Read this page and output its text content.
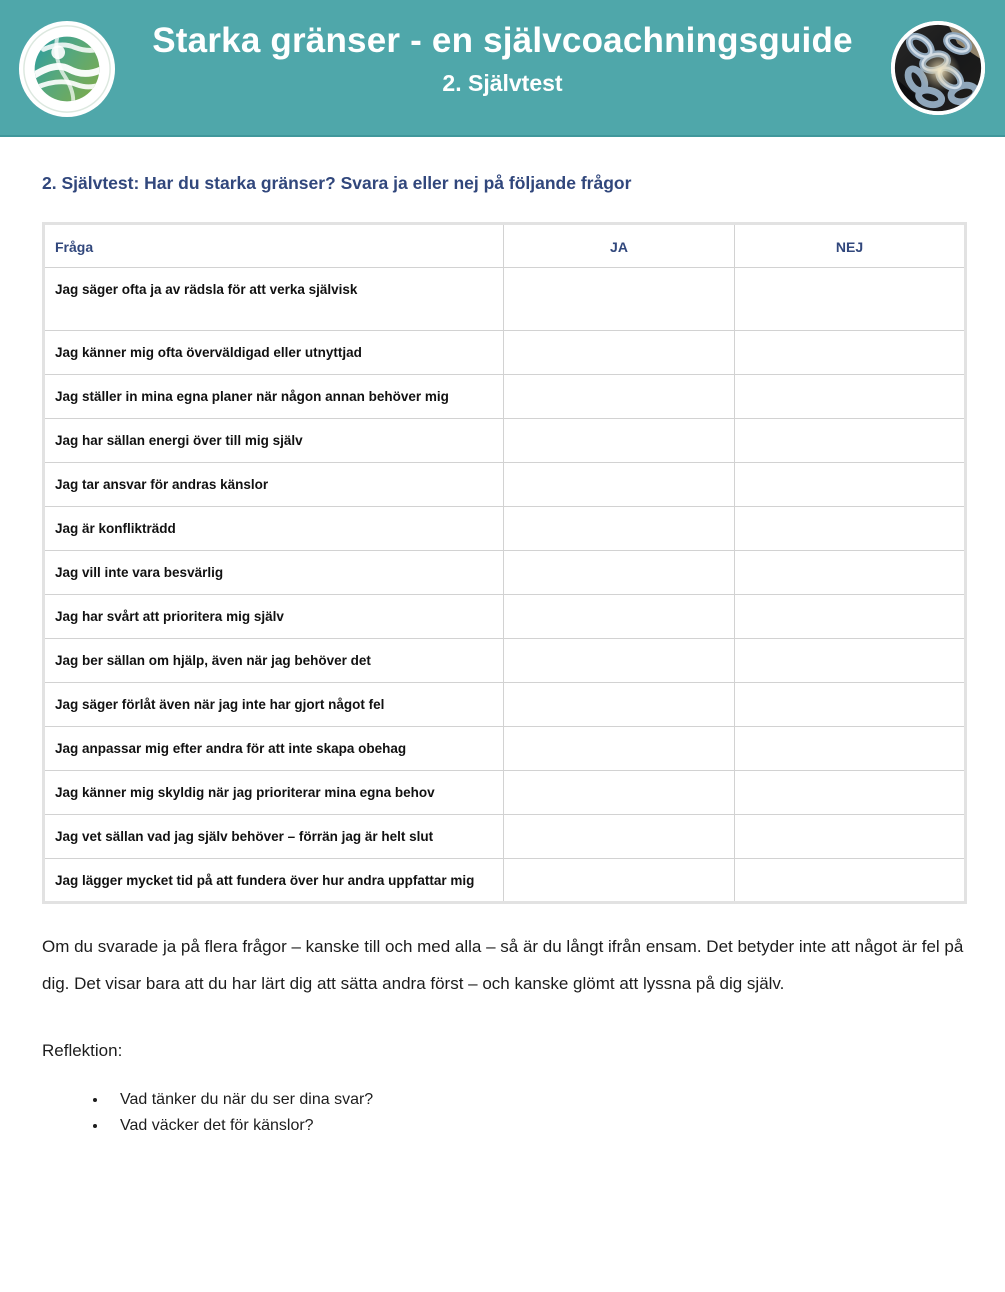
Starka gränser - en självcoachningsguide
2. Självtest
2. Självtest: Har du starka gränser? Svara ja eller nej på följande frågor
Fråga	JA	NEJ
Jag säger ofta ja av rädsla för att verka självisk		
Jag känner mig ofta överväldigad eller utnyttjad		
Jag ställer in mina egna planer när någon annan behöver mig		
Jag har sällan energi över till mig själv		
Jag tar ansvar för andras känslor		
Jag är konflikträdd		
Jag vill inte vara besvärlig		
Jag har svårt att prioritera mig själv		
Jag ber sällan om hjälp, även när jag behöver det		
Jag säger förlåt även när jag inte har gjort något fel		
Jag anpassar mig efter andra för att inte skapa obehag		
Jag känner mig skyldig när jag prioriterar mina egna behov		
Jag vet sällan vad jag själv behöver – förrän jag är helt slut		
Jag lägger mycket tid på att fundera över hur andra uppfattar mig		

Om du svarade ja på flera frågor – kanske till och med alla – så är du långt ifrån ensam. Det betyder inte att något är fel på dig. Det visar bara att du har lärt dig att sätta andra först – och kanske glömt att lyssna på dig själv.

Reflektion:

• Vad tänker du när du ser dina svar?
• Vad väcker det för känslor?
